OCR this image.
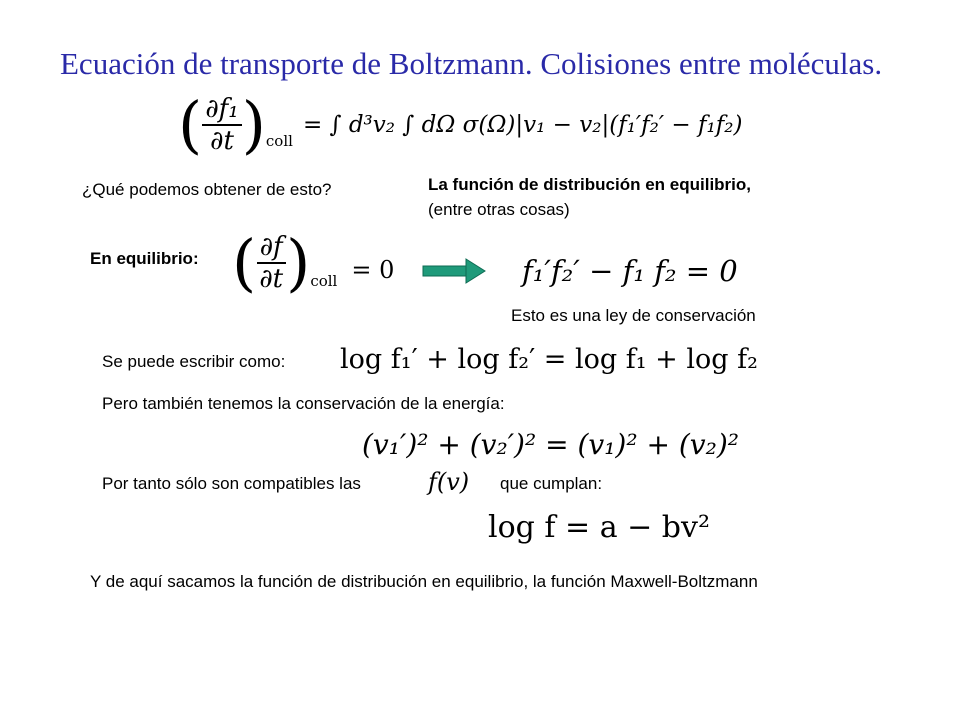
Ecuación de transporte de Boltzmann. Colisiones entre moléculas.
( $\frac{\text{∂f₁}}{\partial t}$ ) coll
= ∫ d³v₂ ∫ dΩ σ(Ω)|v₁ − v₂|(f₁′f₂′ − f₁f₂)
¿Qué podemos obtener de esto?	La función de distribución en equilibrio,
(entre otras cosas)
En equilibrio: ( $\frac{\partial f}{\partial t}$ ) coll = 0	f₁′f₂′ − f₁ f₂ = 0
Esto es una ley de conservación
Se puede escribir como: log f₁′ + log f₂′ = log f₁ + log f₂
Pero también tenemos la conservación de la energía:
(v₁′)² + (v₂′)² = (v₁)² + (v₂)²
Por tanto sólo son compatibles las	f(v) que cumplan:
log f = a − bv²
Y de aquí sacamos la función de distribución en equilibrio, la función Maxwell-Boltzmann
